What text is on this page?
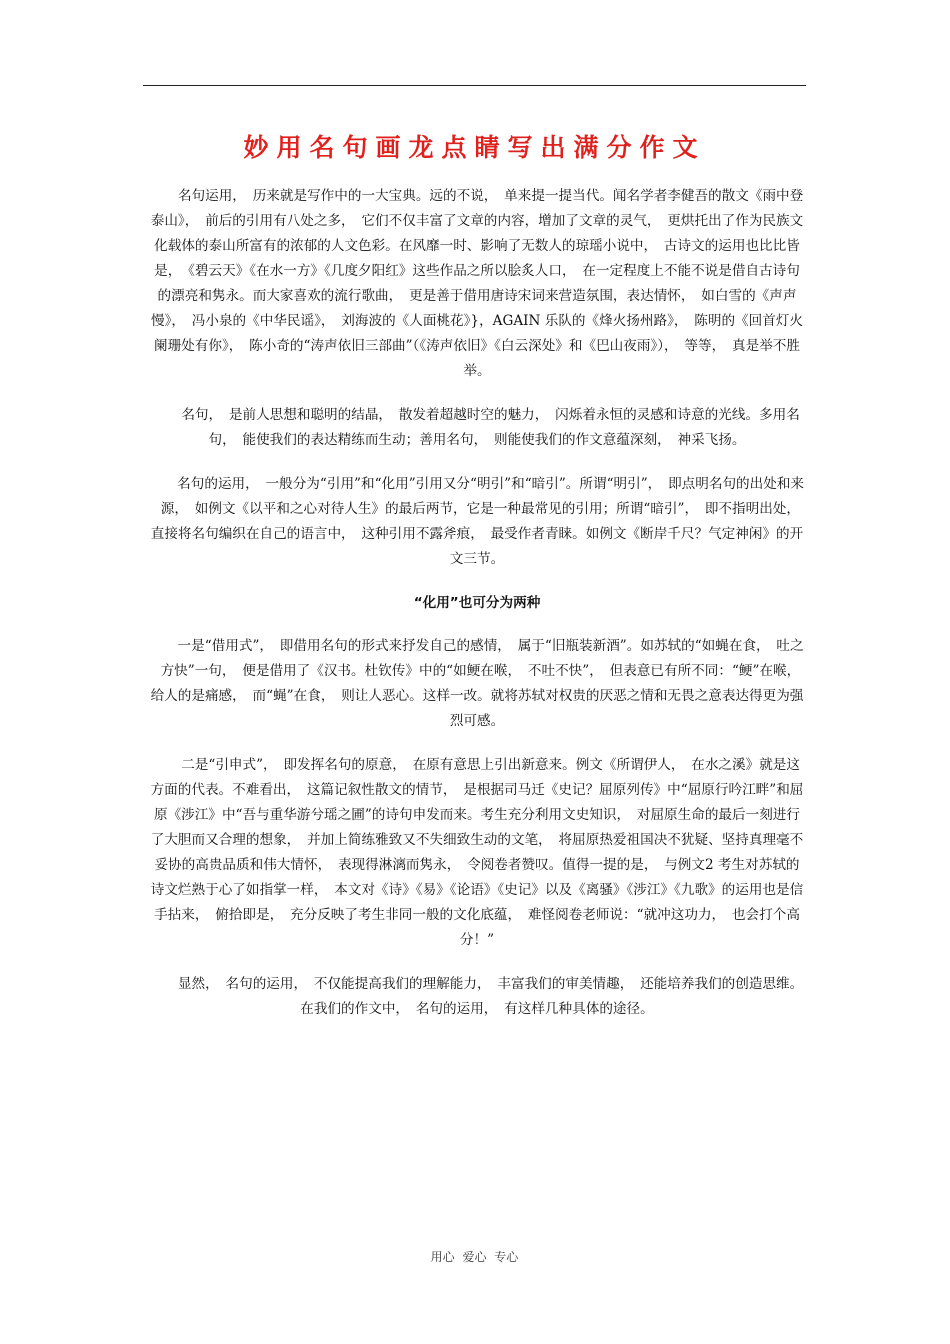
妙用名句画龙点睛写出满分作文

名句运用，　历来就是写作中的一大宝典。远的不说，　单来提一提当代。闻名学者李健吾的散文《雨中登泰山》，　前后的引用有八处之多，　它们不仅丰富了文章的内容，增加了文章的灵气，　更烘托出了作为民族文化载体的泰山所富有的浓郁的人文色彩。在风靡一时、影响了无数人的琼瑶小说中，　古诗文的运用也比比皆是，　《碧云天》《在水一方》《几度夕阳红》这些作品之所以脍炙人口，　在一定程度上不能不说是借自古诗句的漂亮和隽永。而大家喜欢的流行歌曲，　更是善于借用唐诗宋词来营造氛围，表达情怀，　如白雪的《声声慢》，　冯小泉的《中华民谣》，　刘海波的《人面桃花》}，AGAIN 乐队的《烽火扬州路》，　陈明的《回首灯火阑珊处有你》，　陈小奇的“涛声依旧三部曲”（《涛声依旧》《白云深处》和《巴山夜雨》），　等等，　真是举不胜举。

名句，　是前人思想和聪明的结晶，　散发着超越时空的魅力，　闪烁着永恒的灵感和诗意的光线。多用名句，　能使我们的表达精练而生动；善用名句，　则能使我们的作文意蕴深刻，　神采飞扬。

名句的运用，　一般分为“引用”和“化用”引用又分“明引”和“暗引”。所谓“明引”，　即点明名句的出处和来源，　如例文《以平和之心对待人生》的最后两节，它是一种最常见的引用；所谓“暗引”，　即不指明出处，　直接将名句编织在自己的语言中，　这种引用不露斧痕，　最受作者青睐。如例文《断岸千尺？气定神闲》的开文三节。

“化用”也可分为两种

一是“借用式”，　即借用名句的形式来抒发自己的感情，　属于“旧瓶装新酒”。如苏轼的“如蝇在食，　吐之方快”一句，　便是借用了《汉书。杜钦传》中的“如鲠在喉，　不吐不快”，　但表意已有所不同：“鲠”在喉，　给人的是痛感，　而“蝇”在食，　则让人恶心。这样一改。就将苏轼对权贵的厌恶之情和无畏之意表达得更为强烈可感。

二是“引申式”，　即发挥名句的原意，　在原有意思上引出新意来。例文《所谓伊人，　在水之溪》就是这方面的代表。不难看出，　这篇记叙性散文的情节，　是根据司马迁《史记？屈原列传》中“屈原行吟江畔”和屈原《涉江》中“吾与重华游兮瑶之圃”的诗句申发而来。考生充分利用文史知识，　对屈原生命的最后一刻进行了大胆而又合理的想象，　并加上简练雅致又不失细致生动的文笔，　将屈原热爱祖国决不犹疑、坚持真理毫不妥协的高贵品质和伟大情怀，　表现得淋漓而隽永，　令阅卷者赞叹。值得一提的是，　与例文2 考生对苏轼的诗文烂熟于心了如指掌一样，　本文对《诗》《易》《论语》《史记》以及《离骚》《涉江》《九歌》的运用也是信手拈来，　俯拾即是，　充分反映了考生非同一般的文化底蕴，　难怪阅卷老师说：“就冲这功力，　也会打个高分！”

显然，　名句的运用，　不仅能提高我们的理解能力，　丰富我们的审美情趣，　还能培养我们的创造思维。在我们的作文中，　名句的运用，　有这样几种具体的途径。

用心 爱心 专心
